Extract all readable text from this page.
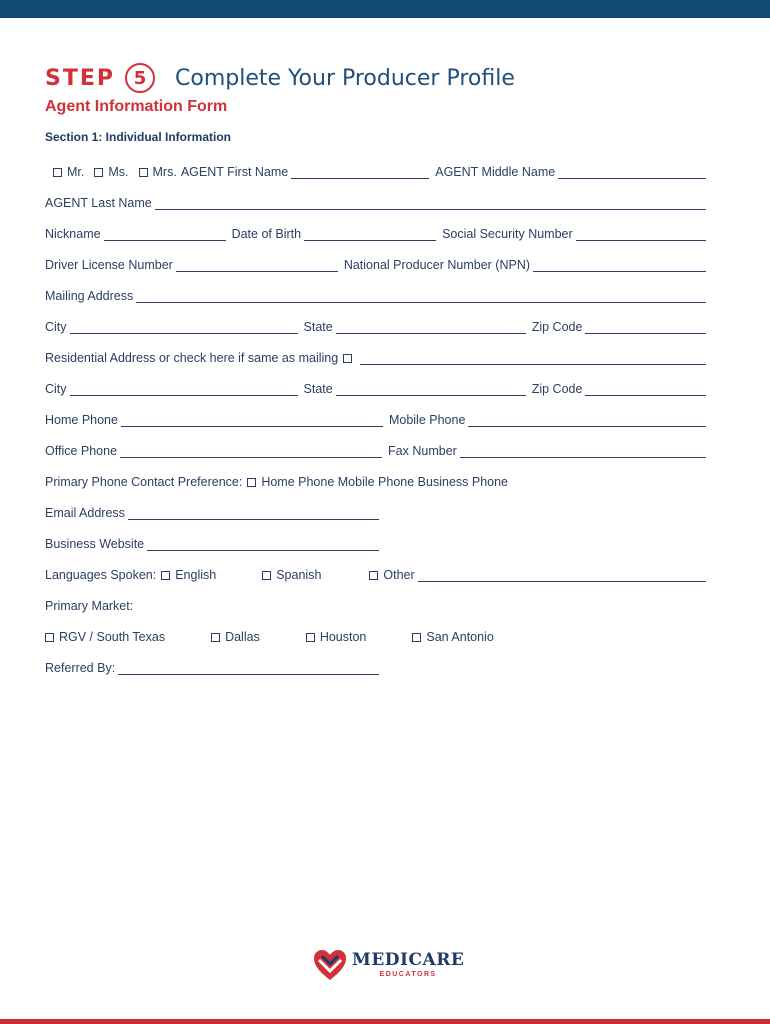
STEP	5	Complete Your Producer Profile
Agent Information Form
Section 1: Individual Information
Mr. Ms. Mrs. AGENT First Name	AGENT Middle Name
AGENT Last Name
Nickname	Date of Birth	Social Security Number
Driver License Number	National Producer Number (NPN)
Mailing Address
City	State	Zip Code
Residential Address or check here if same as mailing
City	State	Zip Code
Home Phone	Mobile Phone
Office Phone	Fax Number
Primary Phone Contact Preference: Home Phone Mobile Phone Business Phone
Email Address
Business Website
Languages Spoken: English	Spanish	Other
Primary Market:
RGV / South Texas	Dallas	Houston	San Antonio
Referred By:
MEDICARE
EDUCATORS
